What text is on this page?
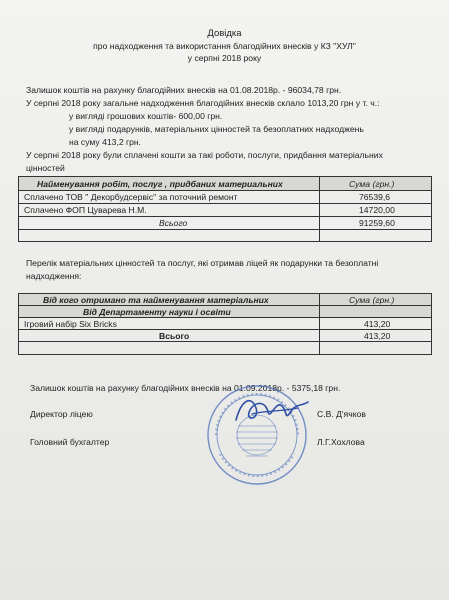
Довідка
про надходження та використання благодійних внесків у КЗ "ХУЛ"
у серпні 2018 року
Залишок коштів на рахунку благодійних внесків на 01.08.2018р. - 96034,78 грн.
У серпні 2018 року загальне надходження благодійних внесків склало 1013,20 грн у т. ч.:
у вигляді грошових коштів- 600,00 грн.
у вигляді подарунків, матеріальних цінностей та безоплатних надходжень
на суму 413,2 грн.
У серпні 2018 року були сплачені кошти за такі роботи, послуги, придбання матеріальних
цінностей
Найменування робіт, послуг , придбаних материальних	Сума (грн.)
Сплачено ТОВ " Декорбудсервіс" за поточний ремонт	76539,6
Сплачено ФОП Цуварева Н.М.	14720,00
Всього	91259,60
Перелік матеріальних цінностей та послуг, які отримав ліцей як подарунки та безоплатні
надходження:
Від кого отримано та найменування матеріальних	Сума (грн.)
Від Департаменту науки і освіти
Ігровий набір Six Bricks	413,20
Всього	413,20
Залишок коштів на рахунку благодійних внесків на 01.09.2018р. - 5375,18 грн.
Директор ліцею	С.В. Д'ячков
Головний бухгалтер	Л.Г.Хохлова
